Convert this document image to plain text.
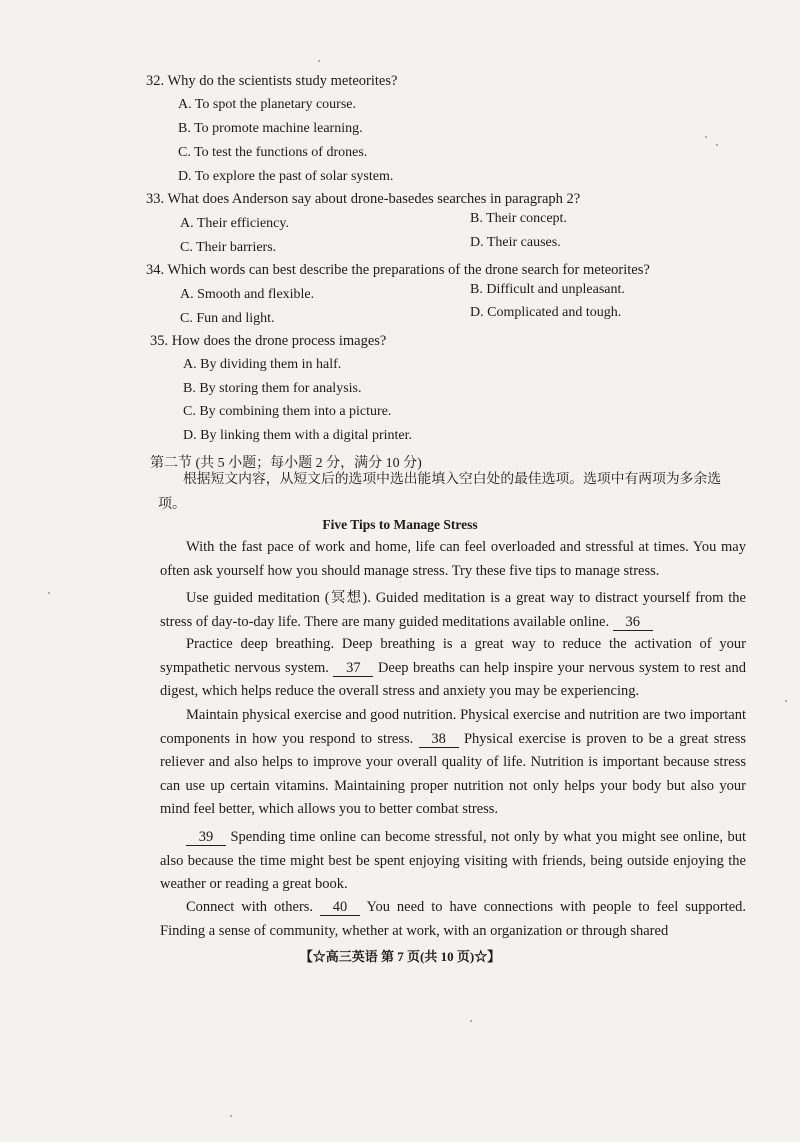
32. Why do the scientists study meteorites?
A. To spot the planetary course.
B. To promote machine learning.
C. To test the functions of drones.
D. To explore the past of solar system.
33. What does Anderson say about drone-basedes searches in paragraph 2?
A. Their efficiency.	B. Their concept.
C. Their barriers.	D. Their causes.
34. Which words can best describe the preparations of the drone search for meteorites?
A. Smooth and flexible.	B. Difficult and unpleasant.
C. Fun and light.	D. Complicated and tough.
35. How does the drone process images?
A. By dividing them in half.
B. By storing them for analysis.
C. By combining them into a picture.
D. By linking them with a digital printer.
第二节 (共 5 小题；每小题 2 分，满分 10 分)
根据短文内容，从短文后的选项中选出能填入空白处的最佳选项。选项中有两项为多余选
项。
Five Tips to Manage Stress
With the fast pace of work and home, life can feel overloaded and stressful at times. You may often ask yourself how you should manage stress. Try these five tips to manage stress.
Use guided meditation (冥想). Guided meditation is a great way to distract yourself from the stress of day-to-day life. There are many guided meditations available online. 36
Practice deep breathing. Deep breathing is a great way to reduce the activation of your sympathetic nervous system. 37 Deep breaths can help inspire your nervous system to rest and digest, which helps reduce the overall stress and anxiety you may be experiencing.
Maintain physical exercise and good nutrition. Physical exercise and nutrition are two important components in how you respond to stress. 38 Physical exercise is proven to be a great stress reliever and also helps to improve your overall quality of life. Nutrition is important because stress can use up certain vitamins. Maintaining proper nutrition not only helps your body but also your mind feel better, which allows you to better combat stress.
39 Spending time online can become stressful, not only by what you might see online, but also because the time might best be spent enjoying visiting with friends, being outside enjoying the weather or reading a great book.
Connect with others. 40 You need to have connections with people to feel supported. Finding a sense of community, whether at work, with an organization or through shared
【☆高三英语 第 7 页(共 10 页)☆】
